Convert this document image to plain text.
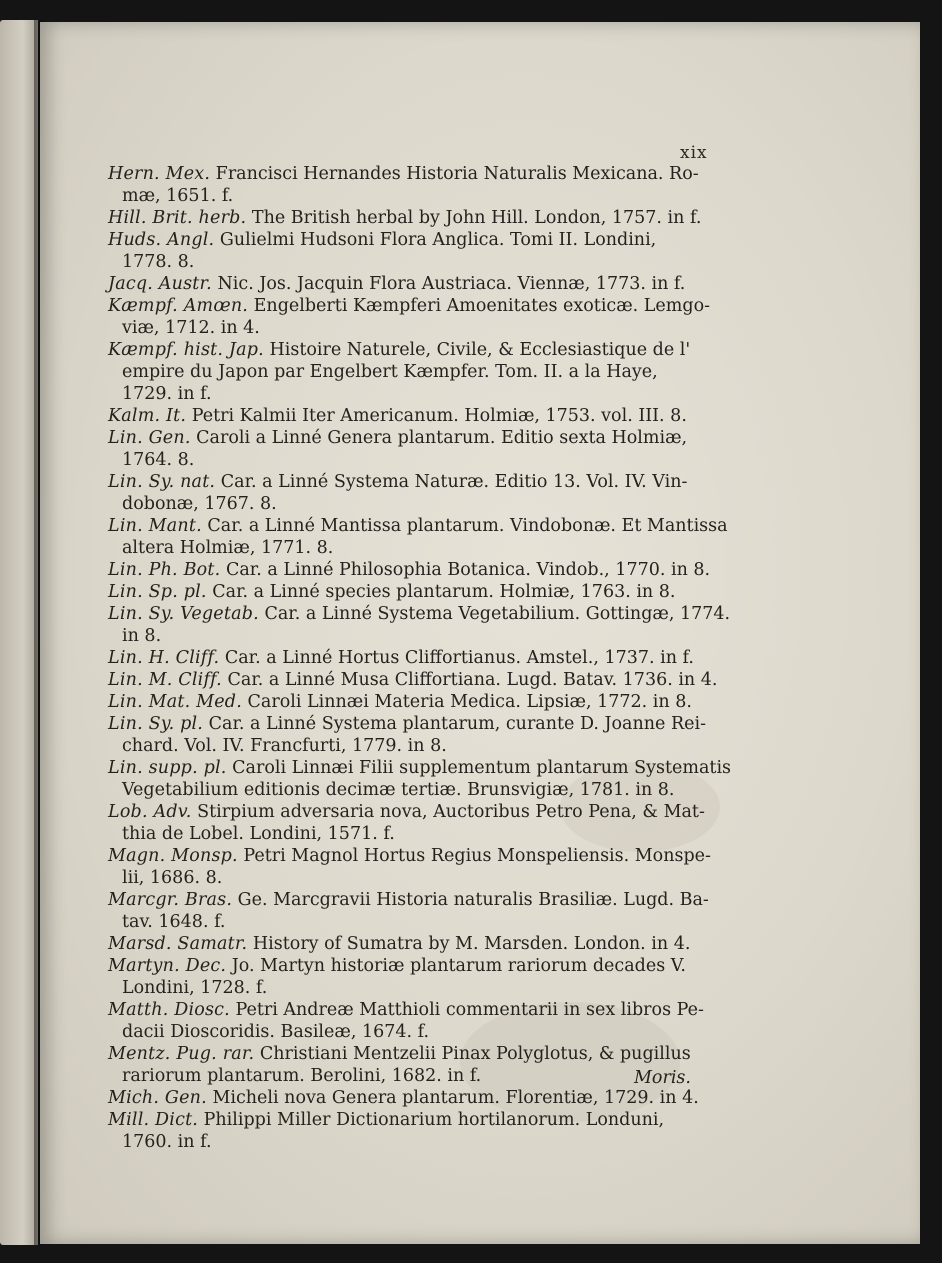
xix
Hern. Mex. Francisci Hernandes Historia Naturalis Mexicana. Ro-
mæ, 1651. f.
Hill. Brit. herb. The British herbal by John Hill. London, 1757. in f.
Huds. Angl. Gulielmi Hudsoni Flora Anglica. Tomi II. Londini,
1778. 8.
Jacq. Austr. Nic. Jos. Jacquin Flora Austriaca. Viennæ, 1773. in f.
Kæmpf. Amœn. Engelberti Kæmpferi Amoenitates exoticæ. Lemgo-
viæ, 1712. in 4.
Kæmpf. hist. Jap. Histoire Naturele, Civile, & Ecclesiastique de l'
empire du Japon par Engelbert Kæmpfer. Tom. II. a la Haye,
1729. in f.
Kalm. It. Petri Kalmii Iter Americanum. Holmiæ, 1753. vol. III. 8.
Lin. Gen. Caroli a Linné Genera plantarum. Editio sexta Holmiæ,
1764. 8.
Lin. Sy. nat. Car. a Linné Systema Naturæ. Editio 13. Vol. IV. Vin-
dobonæ, 1767. 8.
Lin. Mant. Car. a Linné Mantissa plantarum. Vindobonæ. Et Mantissa
altera Holmiæ, 1771. 8.
Lin. Ph. Bot. Car. a Linné Philosophia Botanica. Vindob., 1770. in 8.
Lin. Sp. pl. Car. a Linné species plantarum. Holmiæ, 1763. in 8.
Lin. Sy. Vegetab. Car. a Linné Systema Vegetabilium. Gottingæ, 1774.
in 8.
Lin. H. Cliff. Car. a Linné Hortus Cliffortianus. Amstel., 1737. in f.
Lin. M. Cliff. Car. a Linné Musa Cliffortiana. Lugd. Batav. 1736. in 4.
Lin. Mat. Med. Caroli Linnæi Materia Medica. Lipsiæ, 1772. in 8.
Lin. Sy. pl. Car. a Linné Systema plantarum, curante D. Joanne Rei-
chard. Vol. IV. Francfurti, 1779. in 8.
Lin. supp. pl. Caroli Linnæi Filii supplementum plantarum Systematis
Vegetabilium editionis decimæ tertiæ. Brunsvigiæ, 1781. in 8.
Lob. Adv. Stirpium adversaria nova, Auctoribus Petro Pena, & Mat-
thia de Lobel. Londini, 1571. f.
Magn. Monsp. Petri Magnol Hortus Regius Monspeliensis. Monspe-
lii, 1686. 8.
Marcgr. Bras. Ge. Marcgravii Historia naturalis Brasiliæ. Lugd. Ba-
tav. 1648. f.
Marsd. Samatr. History of Sumatra by M. Marsden. London. in 4.
Martyn. Dec. Jo. Martyn historiæ plantarum rariorum decades V.
Londini, 1728. f.
Matth. Diosc. Petri Andreæ Matthioli commentarii in sex libros Pe-
dacii Dioscoridis. Basileæ, 1674. f.
Mentz. Pug. rar. Christiani Mentzelii Pinax Polyglotus, & pugillus
rariorum plantarum. Berolini, 1682. in f.
Mich. Gen. Micheli nova Genera plantarum. Florentiæ, 1729. in 4.
Mill. Dict. Philippi Miller Dictionarium hortilanorum. Londuni,
1760. in f.
Moris.
